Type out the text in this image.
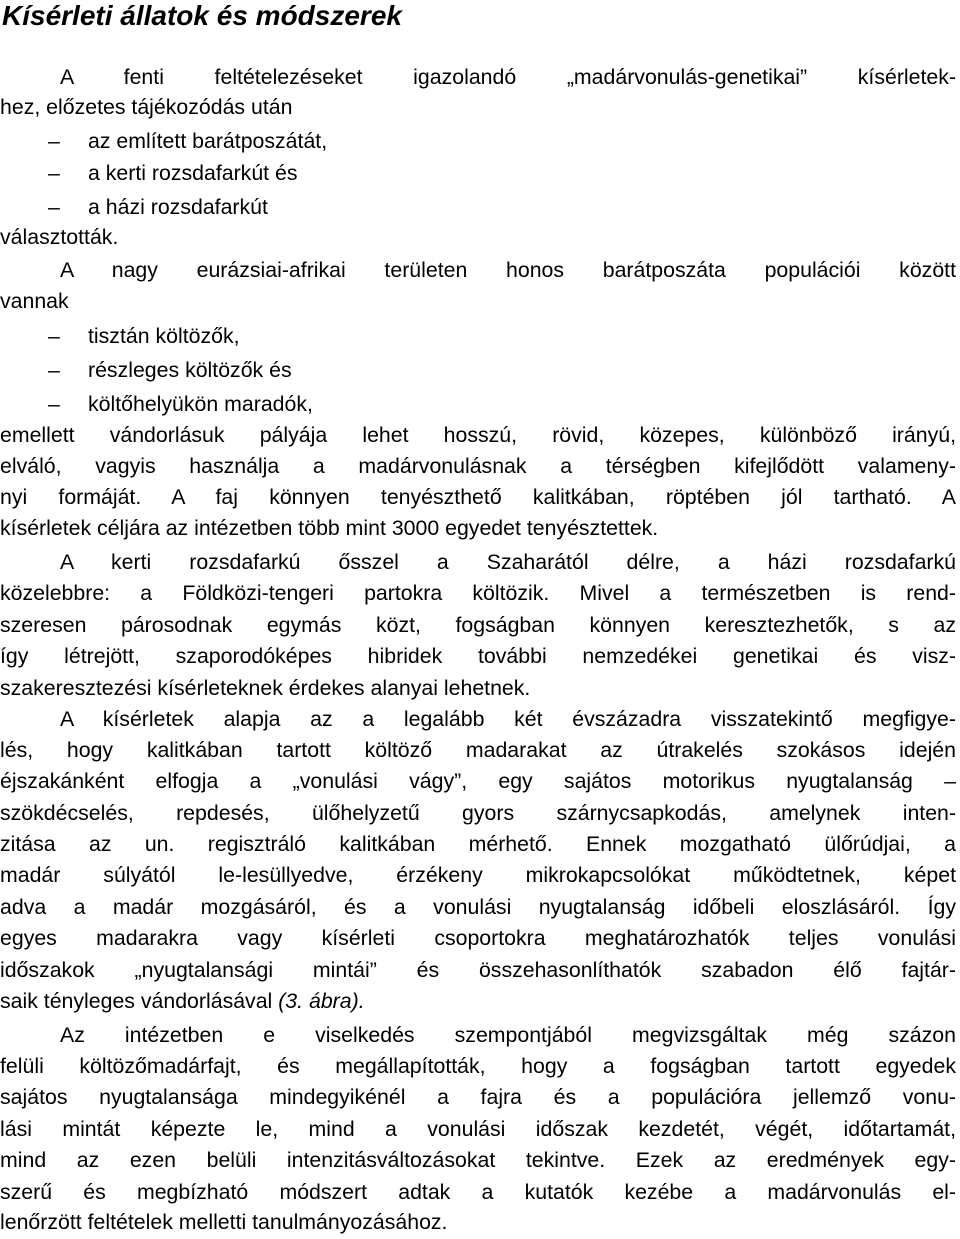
Kísérleti állatok és módszerek
A fenti feltételezéseket igazolandó „madárvonulás-genetikai” kísérletek-
hez, előzetes tájékozódás után
– az említett barátposzátát,
– a kerti rozsdafarkút és
– a házi rozsdafarkút
választották.
A nagy eurázsiai-afrikai területen honos barátposzáta populációi között
vannak
– tisztán költözők,
– részleges költözők és
– költőhelyükön maradók,
emellett vándorlásuk pályája lehet hosszú, rövid, közepes, különböző irányú,
elváló, vagyis használja a madárvonulásnak a térségben kifejlődött valameny-
nyi formáját. A faj könnyen tenyészthető kalitkában, röptében jól tartható. A
kísérletek céljára az intézetben több mint 3000 egyedet tenyésztettek.
A kerti rozsdafarkú ősszel a Szaharától délre, a házi rozsdafarkú
közelebbre: a Földközi-tengeri partokra költözik. Mivel a természetben is rend-
szeresen párosodnak egymás közt, fogságban könnyen keresztezhetők, s az
így létrejött, szaporodóképes hibridek további nemzedékei genetikai és visz-
szakeresztezési kísérleteknek érdekes alanyai lehetnek.
A kísérletek alapja az a legalább két évszázadra visszatekintő megfigye-
lés, hogy kalitkában tartott költöző madarakat az útrakelés szokásos idején
éjszakánként elfogja a „vonulási vágy”, egy sajátos motorikus nyugtalanság –
szökdécselés, repdesés, ülőhelyzetű gyors szárnycsapkodás, amelynek inten-
zitása az un. regisztráló kalitkában mérhető. Ennek mozgatható ülőrúdjai, a
madár súlyától le-lesüllyedve, érzékeny mikrokapcsolókat működtetnek, képet
adva a madár mozgásáról, és a vonulási nyugtalanság időbeli eloszlásáról. Így
egyes madarakra vagy kísérleti csoportokra meghatározhatók teljes vonulási
időszakok „nyugtalansági mintái” és összehasonlíthatók szabadon élő fajtár-
saik tényleges vándorlásával (3. ábra).
Az intézetben e viselkedés szempontjából megvizsgáltak még százon
felüli költözőmadárfajt, és megállapították, hogy a fogságban tartott egyedek
sajátos nyugtalansága mindegyikénél a fajra és a populációra jellemző vonu-
lási mintát képezte le, mind a vonulási időszak kezdetét, végét, időtartamát,
mind az ezen belüli intenzitásváltozásokat tekintve. Ezek az eredmények egy-
szerű és megbízható módszert adtak a kutatók kezébe a madárvonulás el-
lenőrzött feltételek melletti tanulmányozásához.
